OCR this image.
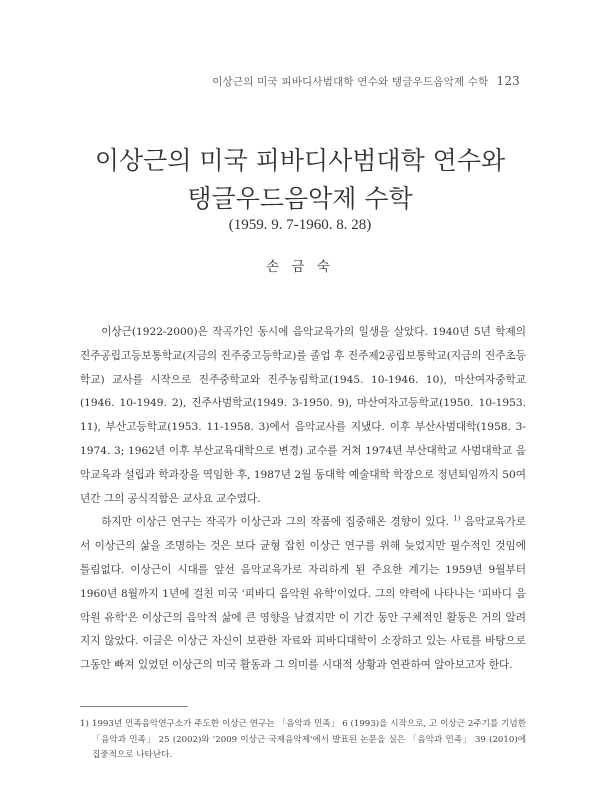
이상근의 미국 피바디사범대학 연수와 탱글우드음악제 수학 123
이상근의 미국 피바디사범대학 연수와
탱글우드음악제 수학
(1959. 9. 7-1960. 8. 28)
손 금 숙

이상근(1922-2000)은 작곡가인 동시에 음악교육가의 일생을 살았다. 1940년 5년 학제의 진주공립고등보통학교(지금의 진주중고등학교)를 졸업 후 진주제2공립보통학교(지금의 진주초등학교) 교사를 시작으로 진주중학교와 진주농림학교(1945. 10-1946. 10), 마산여자중학교(1946. 10-1949. 2), 진주사범학교(1949. 3-1950. 9), 마산여자고등학교(1950. 10-1953. 11), 부산고등학교(1953. 11-1958. 3)에서 음악교사를 지냈다. 이후 부산사범대학(1958. 3-1974. 3; 1962년 이후 부산교육대학으로 변경) 교수를 거쳐 1974년 부산대학교 사범대학교 음악교육과 설립과 학과장을 역임한 후, 1987년 2월 동대학 예술대학 학장으로 정년퇴임까지 50여 년간 그의 공식직함은 교사요 교수였다.

하지만 이상근 연구는 작곡가 이상근과 그의 작품에 집중해온 경향이 있다. $^{1)}$ 음악교육가로서 이상근의 삶을 조명하는 것은 보다 균형 잡힌 이상근 연구를 위해 늦었지만 필수적인 것임에 틀림없다. 이상근이 시대를 앞선 음악교육가로 자리하게 된 주요한 계기는 1959년 9월부터 1960년 8월까지 1년에 걸친 미국 '피바디 음악원 유학'이었다. 그의 약력에 나타나는 '피바디 음악원 유학'은 이상근의 음악적 삶에 큰 영향을 남겼지만 이 기간 동안 구체적인 활동은 거의 알려지지 않았다. 이글은 이상근 자신이 보관한 자료와 피바디대학이 소장하고 있는 사료를 바탕으로 그동안 빠져 있었던 이상근의 미국 활동과 그 의미를 시대적 상황과 연관하여 알아보고자 한다.

1) 1993년 민족음악연구소가 주도한 이상근 연구는 「음악과 민족」 6 (1993)을 시작으로, 고 이상근 2주기를 기념한 「음악과 민족」 25 (2002)와 '2009 이상근 국제음악제'에서 발표된 논문을 실은 「음악과 민족」 39 (2010)에 집중적으로 나타난다.
